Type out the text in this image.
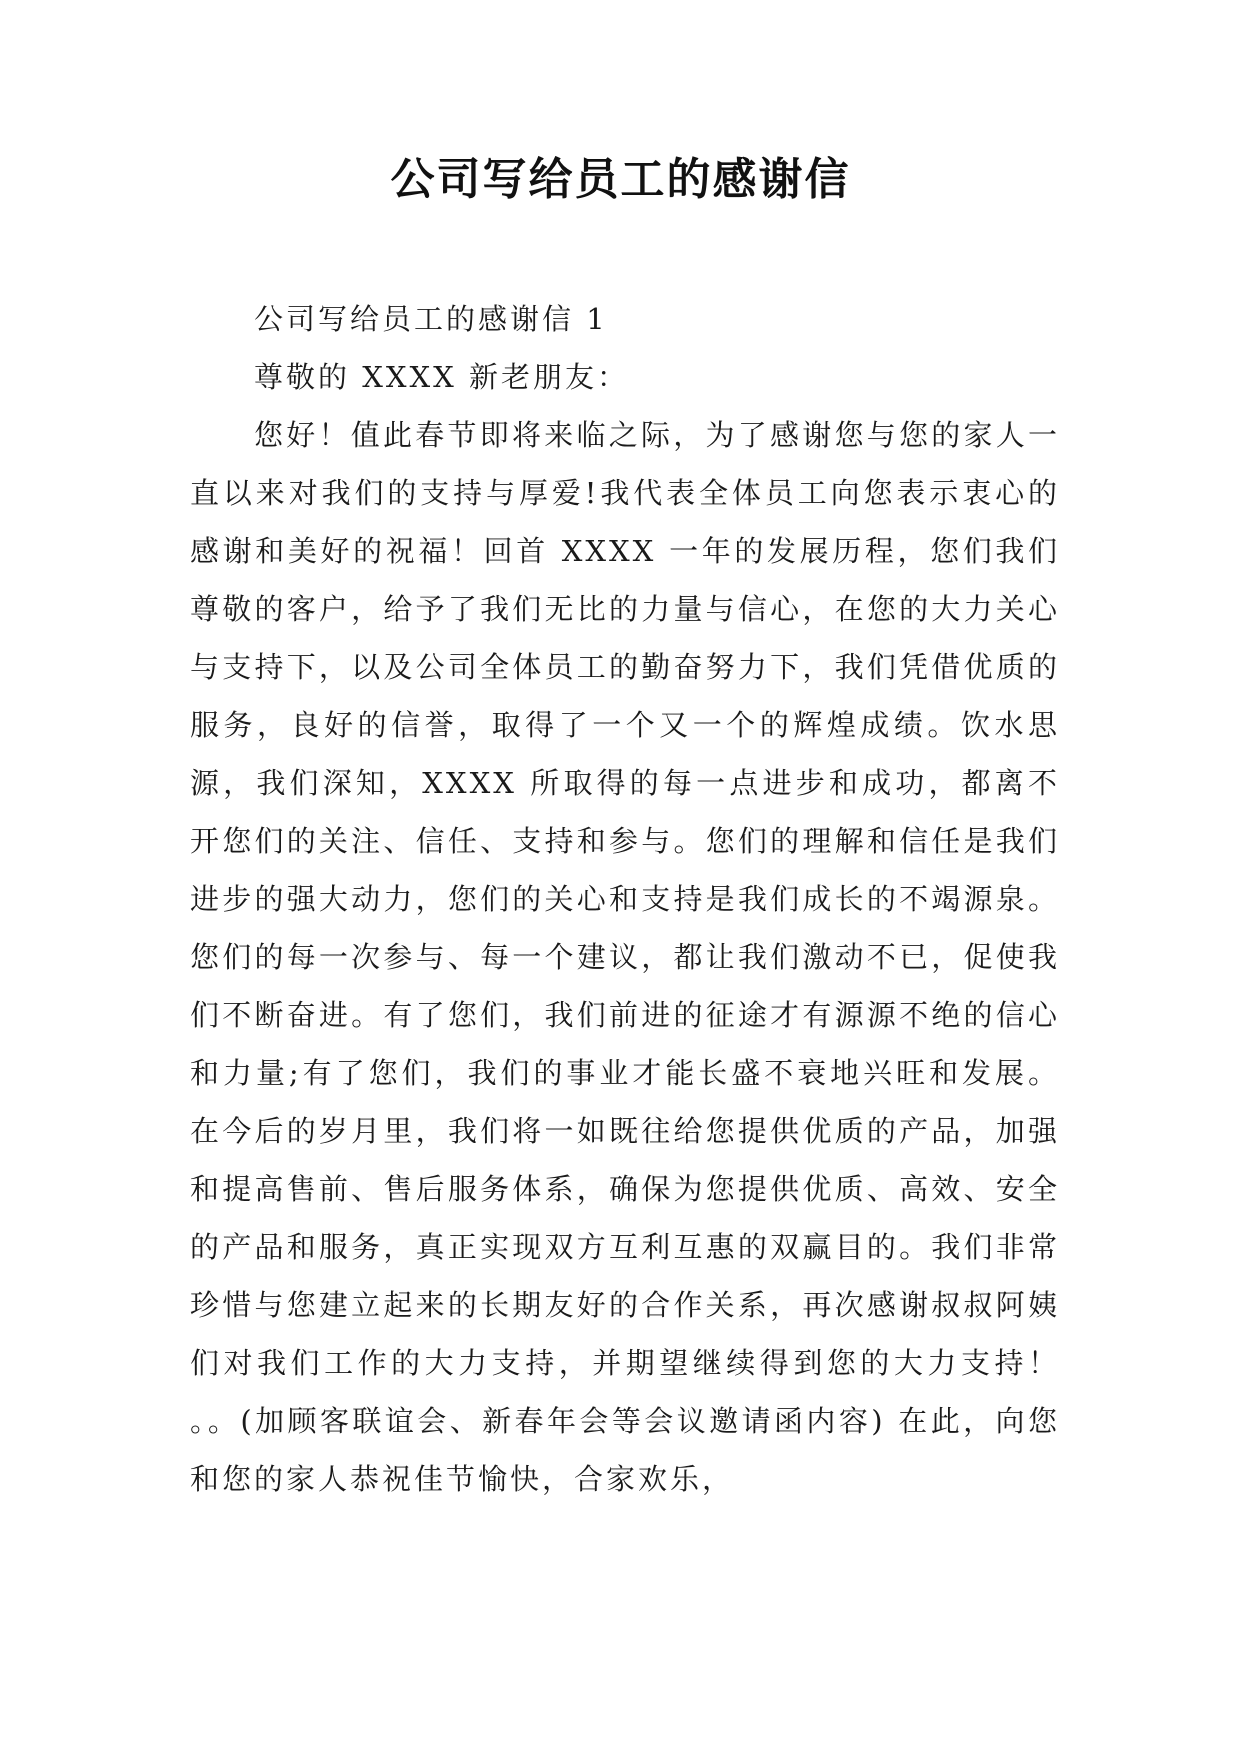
公司写给员工的感谢信

公司写给员工的感谢信 1

尊敬的 XXXX 新老朋友：

您好！值此春节即将来临之际，为了感谢您与您的家人一直以来对我们的支持与厚爱!我代表全体员工向您表示衷心的感谢和美好的祝福！回首 XXXX 一年的发展历程，您们我们尊敬的客户，给予了我们无比的力量与信心，在您的大力关心与支持下，以及公司全体员工的勤奋努力下，我们凭借优质的服务，良好的信誉，取得了一个又一个的辉煌成绩。饮水思源，我们深知，XXXX 所取得的每一点进步和成功，都离不开您们的关注、信任、支持和参与。您们的理解和信任是我们进步的强大动力，您们的关心和支持是我们成长的不竭源泉。您们的每一次参与、每一个建议，都让我们激动不已，促使我们不断奋进。有了您们，我们前进的征途才有源源不绝的信心和力量;有了您们，我们的事业才能长盛不衰地兴旺和发展。 在今后的岁月里，我们将一如既往给您提供优质的产品，加强和提高售前、售后服务体系，确保为您提供优质、高效、安全的产品和服务，真正实现双方互利互惠的双赢目的。我们非常珍惜与您建立起来的长期友好的合作关系，再次感谢叔叔阿姨们对我们工作的大力支持，并期望继续得到您的大力支持！ 。。(加顾客联谊会、新春年会等会议邀请函内容) 在此，向您和您的家人恭祝佳节愉快，合家欢乐，
